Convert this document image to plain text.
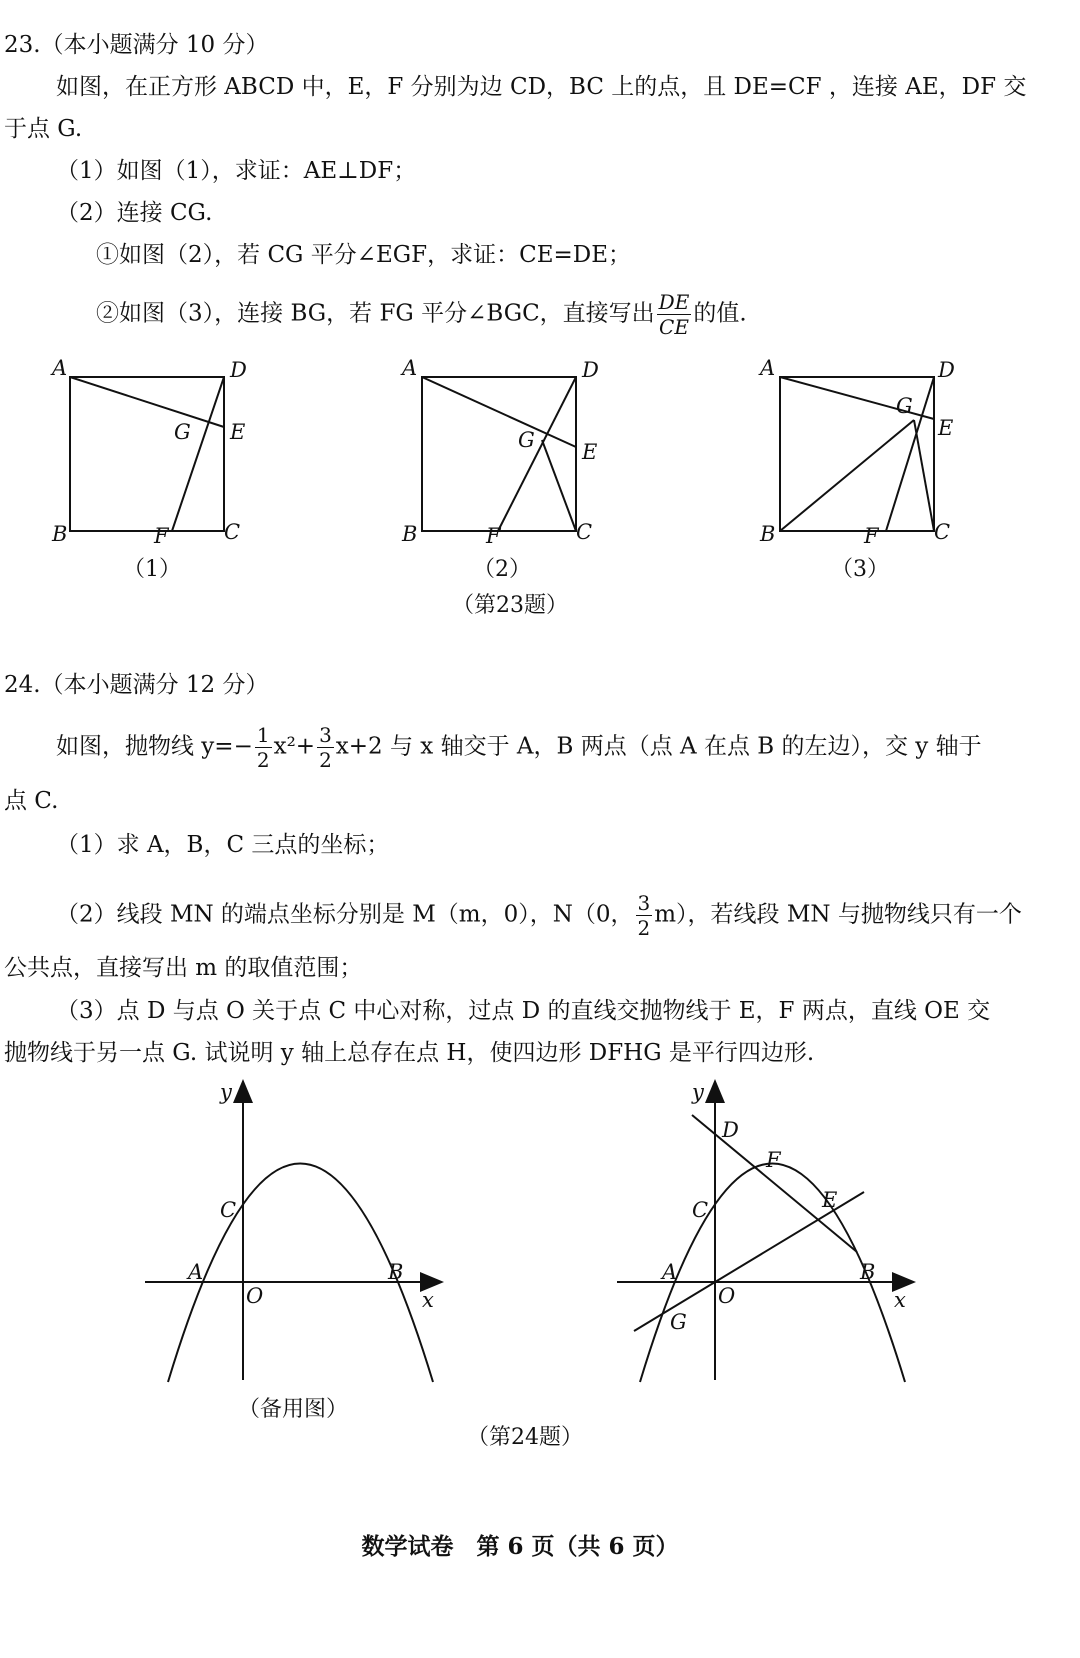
23.（本小题满分 10 分）
如图，在正方形 ABCD 中，E，F 分别为边 CD，BC 上的点，且 DE=CF ，连接 AE，DF 交
于点 G.
（1）如图（1），求证：AE⊥DF；
（2）连接 CG.
①如图（2），若 CG 平分∠EGF，求证：CE=DE；
②如图（3），连接 BG，若 FG 平分∠BGC，直接写出 $\frac{DE}{CE}$ 的值.
A	D
G E
B	F	C
（1）
A	D
G E
B	F	C
（2）
A	D
G
E
B	F	C
（3）
（第23题）
24.（本小题满分 12 分）
如图，抛物线 $y=- \frac{1}{2} x^2+ \frac{3}{2} x+2$ 与 x 轴交于 A，B 两点（点 A 在点 B 的左边），交 y 轴于
点 C.
（1）求 A，B，C 三点的坐标；
（2）线段 MN 的端点坐标分别是 M（m，0），N（0， $\frac{3}{2} m$），若线段 MN 与抛物线只有一个
公共点，直接写出 m 的取值范围；
（3）点 D 与点 O 关于点 C 中心对称，过点 D 的直线交抛物线于 E，F 两点，直线 OE 交
抛物线于另一点 G. 试说明 y 轴上总存在点 H，使四边形 DFHG 是平行四边形.
y
C
A
O
B
x
（备用图）
y
D
F
E
C
A
O
B
x
G
（第24题）
数学试卷　第 6 页（共 6 页）
